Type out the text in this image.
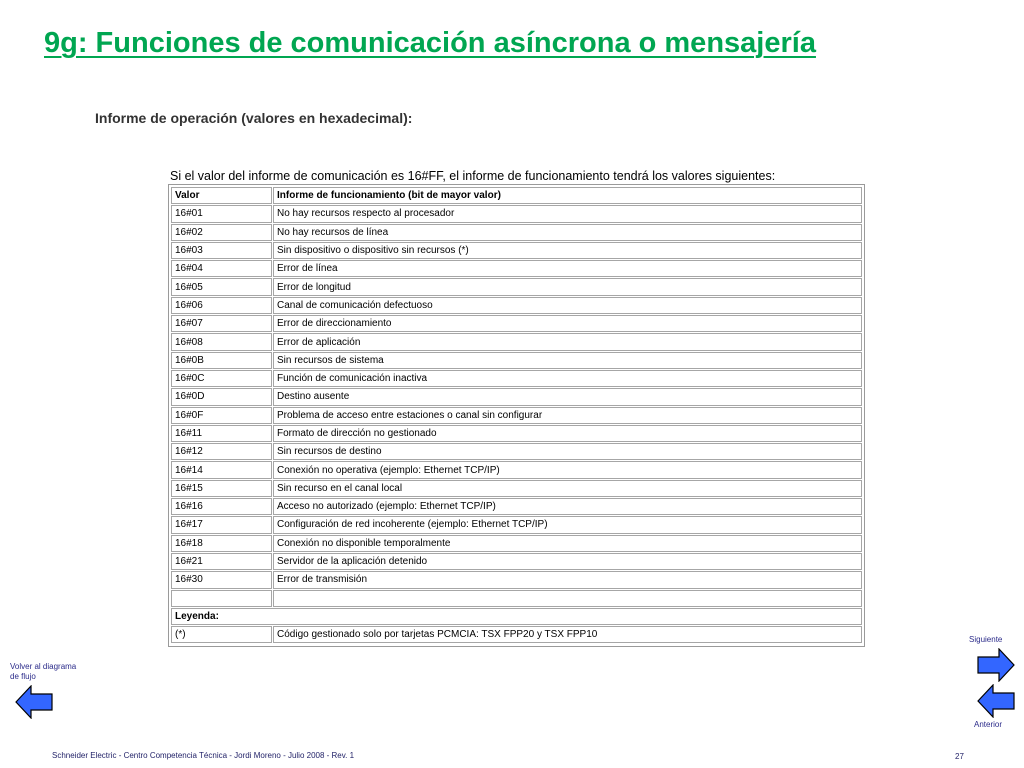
9g: Funciones de comunicación asíncrona o mensajería
Informe de operación (valores en hexadecimal):
Si el valor del informe de comunicación es 16#FF, el informe de funcionamiento tendrá los valores siguientes:
Valor	Informe de funcionamiento (bit de mayor valor)
16#01	No hay recursos respecto al procesador
16#02	No hay recursos de línea
16#03	Sin dispositivo o dispositivo sin recursos (*)
16#04	Error de línea
16#05	Error de longitud
16#06	Canal de comunicación defectuoso
16#07	Error de direccionamiento
16#08	Error de aplicación
16#0B	Sin recursos de sistema
16#0C	Función de comunicación inactiva
16#0D	Destino ausente
16#0F	Problema de acceso entre estaciones o canal sin configurar
16#11	Formato de dirección no gestionado
16#12	Sin recursos de destino
16#14	Conexión no operativa (ejemplo: Ethernet TCP/IP)
16#15	Sin recurso en el canal local
16#16	Acceso no autorizado (ejemplo: Ethernet TCP/IP)
16#17	Configuración de red incoherente (ejemplo: Ethernet TCP/IP)
16#18	Conexión no disponible temporalmente
16#21	Servidor de la aplicación detenido
16#30	Error de transmisión

Leyenda:	
(*)	Código gestionado solo por tarjetas PCMCIA: TSX FPP20 y TSX FPP10
Volver al diagrama
de flujo
Siguiente
Anterior
Schneider Electric - Centro Competencia Técnica - Jordi Moreno - Julio 2008 - Rev. 1	27
